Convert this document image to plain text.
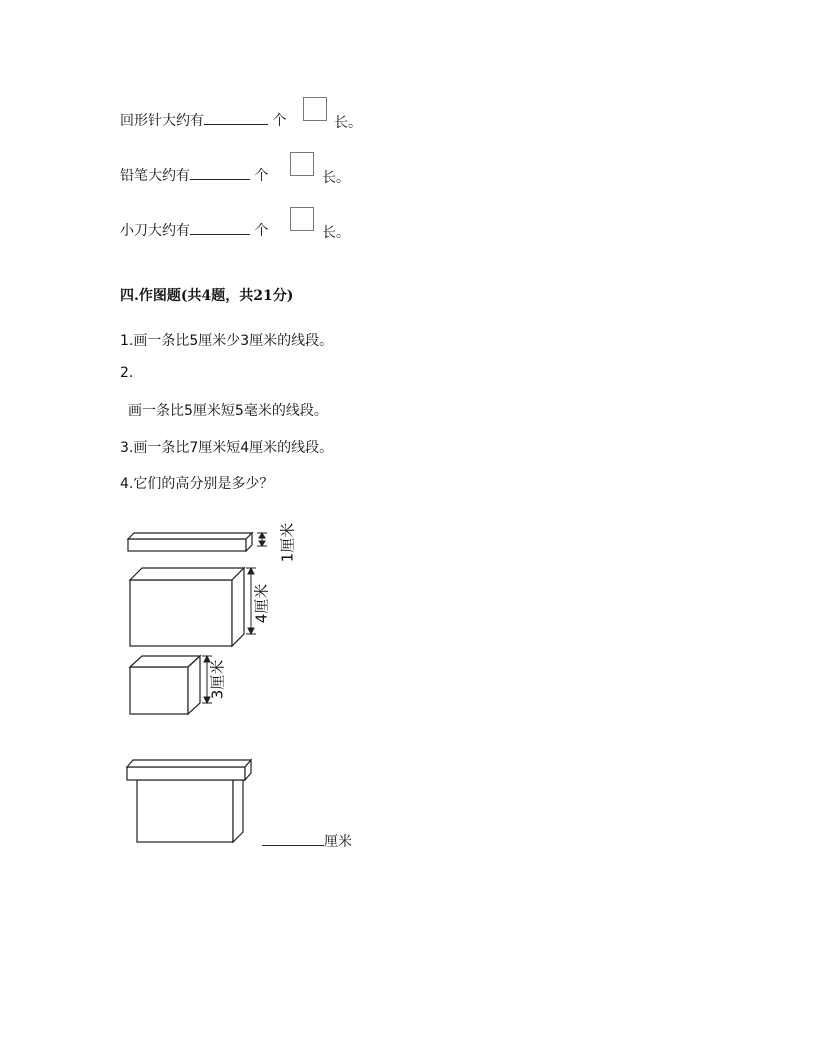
回形针大约有	个	长。
铅笔大约有	个	长。
小刀大约有	个	长。
四.作图题(共4题，共21分)
1.画一条比5厘米少3厘米的线段。
2.
画一条比5厘米短5毫米的线段。
3.画一条比7厘米短4厘米的线段。
4.它们的高分别是多少？
1厘米
4厘米
3厘米
厘米
